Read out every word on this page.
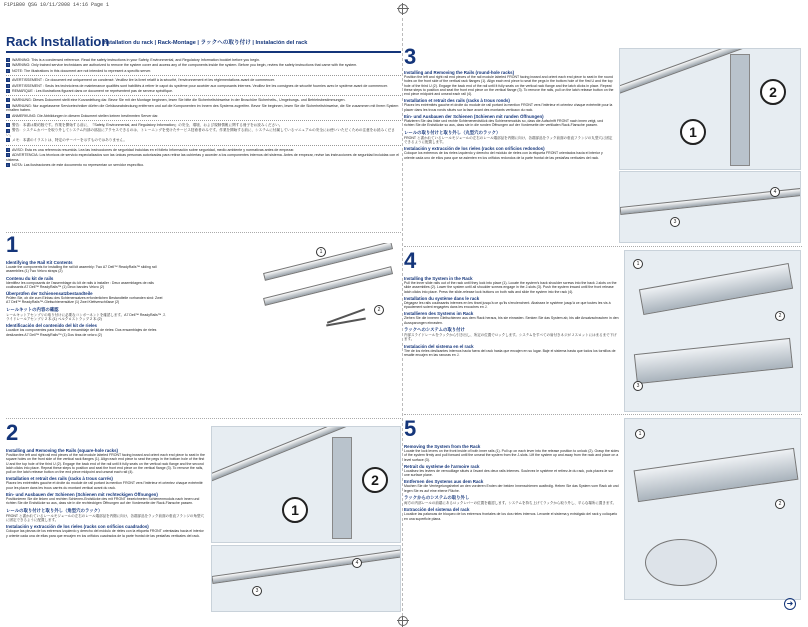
F1P1B00 QSG 10/11/2008 14:16 Page 1
Rack Installation
Installation du rack | Rack-Montage | ラックへの取り付け | Instalación del rack
! WARNING: This is a condensed reference. Read the safety instructions in your Safety, Environmental, and Regulatory Information booklet before you begin.
! WARNING: Only trained service technicians are authorized to remove the system cover and access any of the components inside the system. Before you begin, review the safety instructions that came with the system.
i NOTE: The illustrations in this document are not intended to represent a specific server.
! AVERTISSEMENT : Ce document est uniquement un condensé. Veuillez lire la livret relatif à la sécurité, l'environnement et les réglementations avant de commencer.
! AVERTISSEMENT : Seuls les techniciens de maintenance qualifiés sont habilités à retirer le capot du système pour accéder aux composants internes. Veuillez lire les consignes de sécurité fournies avec le système avant de commencer.
i REMARQUE : Les illustrations figurant dans ce document ne représentent pas de serveur spécifique.
! WARNUNG: Dieses Dokument stellt eine Kurzanleitung dar. Bevor Sie mit der Montage beginnen, lesen Sie bitte die Sicherheitshinweise in der Broschüre Sicherheits-, Umgebungs- und Betriebsbestimmungen.
! WARNUNG: Nur zugelassene Servicetechniker dürfen die Gehäuseabdeckung entfernen und auf die Komponenten im Innern des Systems zugreifen. Bevor Sie beginnen, lesen Sie die Sicherheitshinweise, die Sie zusammen mit Ihrem System erhalten haben.
i ANMERKUNG: Die Abbildungen in diesem Dokument stellen keinen bestimmten Server dar.
! 警告：本書は要約版です。作業を開始する前に、『Safety, Environmental, and Regulatory Information』の安全、環境、および規制情報に関する冊子をお読みください。
! 警告：システムカバーを取り外してシステム内部の部品にアクセスできるのは、トレーニングを受けたサービス技術者のみです。作業を開始する前に、システムに付属しているマニュアルの安全にお使いいただくための注意をお読みください。
i メモ：本書のイラストは、特定のサーバーを示すものではありません。
! AVISO: Esta es una referencia resumida. Lea las instrucciones de seguridad incluidas en el folleto Información sobre seguridad, medio ambiente y normativas antes de empezar.
! ADVERTENCIA: Los técnicos de servicio especializados son las únicas personas autorizadas para retirar las cubiertas y acceder a los componentes internos del sistema. Antes de empezar, revise las instrucciones de seguridad incluidas con el sistema.
i NOTA: Las ilustraciones de este documento no representan un servidor específico.
1
Identifying the Rail Kit Contents
Locate the components for installing the rail kit assembly: Two A7 Dell™ ReadyRails™ sliding rail assemblies (1) Two Velcro straps (2)
Contenu du kit de rails
Identifiez les composants de l'assemblage du kit de rails à installer : Deux assemblages de rails coulissants A7 Dell™ ReadyRails™ (1) Deux bandes Velcro (2)
Überprüfen der Schienensatzbestandteile
Prüfen Sie, ob die zum Einbau des Schienensatzes erforderlichen Bestandteile vorhanden sind: Zwei A7 Dell™ ReadyRails™-Gleitschienensätze (1) Zwei Klettverschlüsse (2)
レールキットの内容の確認
レールキットアセンブリの取り付けに必要なコンポーネントを確認します。A7 Dell™ ReadyRails™ スライドレールアセンブリ 2 本 (1) ベルクロストラップ 2 本 (2)
Identificación del contenido del kit de rieles
Localice los componentes para instalar el ensamblaje del kit de rieles: Dos ensamblajes de rieles deslizantes A7 Dell™ ReadyRails™ (1) Dos tiras de velcro (2)
1
2
2
Installing and Removing the Rails (square-hole racks)
Position the left and right rail end pieces of the rail module labeled FRONT facing inward and orient each end piece to seat in the square holes on the front side of the vertical rack flanges (1). Align each end piece to seat the pegs in the bottom hole of the first U and the top hole of the third U (2). Engage the back end of the rail until it fully seats on the vertical rack flange and the second latch clicks into place. Repeat these steps to position and seat the front end piece on the vertical flange (3). To remove the rails, pull on the latch release button on the end piece midpoint and unseat each rail (4).
Installation et retrait des rails (racks à trous carrés)
Placez les extrémités gauche et droite du module de rail portant la mention FRONT vers l'intérieur et orientez chaque extrémité pour les placer dans les trous carrés du montant vertical avant du rack.
Ein- und Ausbauen der Schienen (Schienen mit rechteckigen Öffnungen)
Positionieren Sie die linken und rechten Schienen-Endstücke des mit FRONT bezeichneten Schienenmoduls nach innen und richten Sie die Endstücke so aus, dass sie in die rechteckigen Öffnungen auf der Vorderseite der Rack-Flansche passen.
レールの取り付けと取り外し（角型穴のラック）
FRONT と書かれているレールモジュールの左右のレール端部品を内側に向け、各端部品をラック前面の垂直フランジの角型穴に固定できるように配置します。
Instalación y extracción de los rieles (racks con orificios cuadrados)
Coloque las piezas de los extremos izquierdo y derecho del módulo de rieles con la etiqueta FRONT orientadas hacia el interior y oriente cada una de ellas para que encajen en los orificios cuadrados de la parte frontal de las pestañas verticales del rack.
1
2
3
4
3
Installing and Removing the Rails (round-hole racks)
Position the left and right rail end pieces of the rail module labeled FRONT facing inward and orient each end piece to seat in the round holes on the front side of the vertical rack flanges (1). Align each end piece to seat the pegs in the bottom hole of the first U and the top hole of the third U (2). Engage the back end of the rail until it fully seats on the vertical rack flange and the latch clicks in place. Repeat these steps to position and seat the front end piece on the vertical flange (3). To remove the rails, pull on the latch release button on the end piece midpoint and unseat each rail (4).
Installation et retrait des rails (racks à trous ronds)
Placez les extrémités gauche et droite du module de rail portant la mention FRONT vers l'intérieur et orientez chaque extrémité pour la placer dans les trous ronds situés sur la face avant des montants verticaux du rack.
Ein- und Ausbauen der Schienen (Schienen mit runden Öffnungen)
Platzieren Sie das linke und rechte Schienenendstück des Schienenmoduls so, dass die Aufschrift FRONT nach innen zeigt, und richten Sie die Endstücke so aus, dass sie in die runden Öffnungen auf der Vorderseite der vertikalen Rack-Flansche passen.
レールの取り付けと取り外し（丸型穴のラック）
FRONT と書かれているレールモジュールの左右のレール端部品を内側に向け、各端部品をラック前面の垂直フランジの丸型穴に固定できるように配置します。
Instalación y extracción de los rieles (racks con orificios redondos)
Coloque los extremos de los rieles izquierdo y derecho del módulo de rieles con la etiqueta FRONT orientados hacia el interior y oriente cada uno de ellos para que se asienten en los orificios redondos de la parte frontal de las pestañas verticales del rack.
1
2
3
4
4
Installing the System in the Rack
Pull the inner slide rails out of the rack until they lock into place (1). Locate the system's back shoulder screws into the back J-slots on the slide assemblies (2). Lower the system until all shoulder screws engage in the J-slots (3). Push the system inward until the front release latch clicks into place. Press the slide-release lock buttons on both rails and slide the system into the rack (4).
Installation du système dans le rack
Dégagez les rails coulissants internes en les tirant jusqu'à ce qu'ils s'enclenchent. Abaissez le système jusqu'à ce que toutes les vis à épaulement soient engagées dans les encoches en J.
Installieren des Systems im Rack
Ziehen Sie die inneren Gleitschienen aus dem Rack heraus, bis sie einrasten. Senken Sie das System ab, bis alle Ansatzschrauben in den Aussparungen einrasten.
ラックへのシステムの取り付け
内部スライドレールをラックから引き出し、所定の位置でロックします。システムをすべての肩付きネジが J スロットにはまるまで下げます。
Instalación del sistema en el rack
Tire de los rieles deslizantes internos hacia fuera del rack hasta que encajen en su lugar. Baje el sistema hasta que todos los tornillos de resalte encajen en las ranuras en J.
1
2
3
5
Removing the System from the Rack
Locate the lock levers on the front inside of both inner rails (1). Pull up on each lever into the release position to unlock (2). Grasp the sides of the system firmly and pull forward until the unseat the system from the J-slots. Lift the system up and away from the rack and place on a level surface (3).
Retrait du système de l'armoire rack
Localisez les leviers de verrouillage situés à l'avant des deux rails internes. Soulevez le système et retirez-le du rack, puis placez-le sur une surface plane.
Entfernen des Systems aus dem Rack
Machen Sie die Verriegelungshebel an den vorderen Enden der beiden Innenschienen ausfindig. Heben Sie das System vom Rack ab und legen Sie es auf eine ebene Fläche.
ラックからのシステムの取り外し
両方の内部レールの前端にあるロックレバーの位置を確認します。システムを持ち上げてラックから取り外し、平らな場所に置きます。
Extracción del sistema del rack
Localice las palancas de bloqueo de los extremos frontales de los dos rieles internos. Levante el sistema y extráigalo del rack y colóquelo en una superficie plana.
1
2
➜
